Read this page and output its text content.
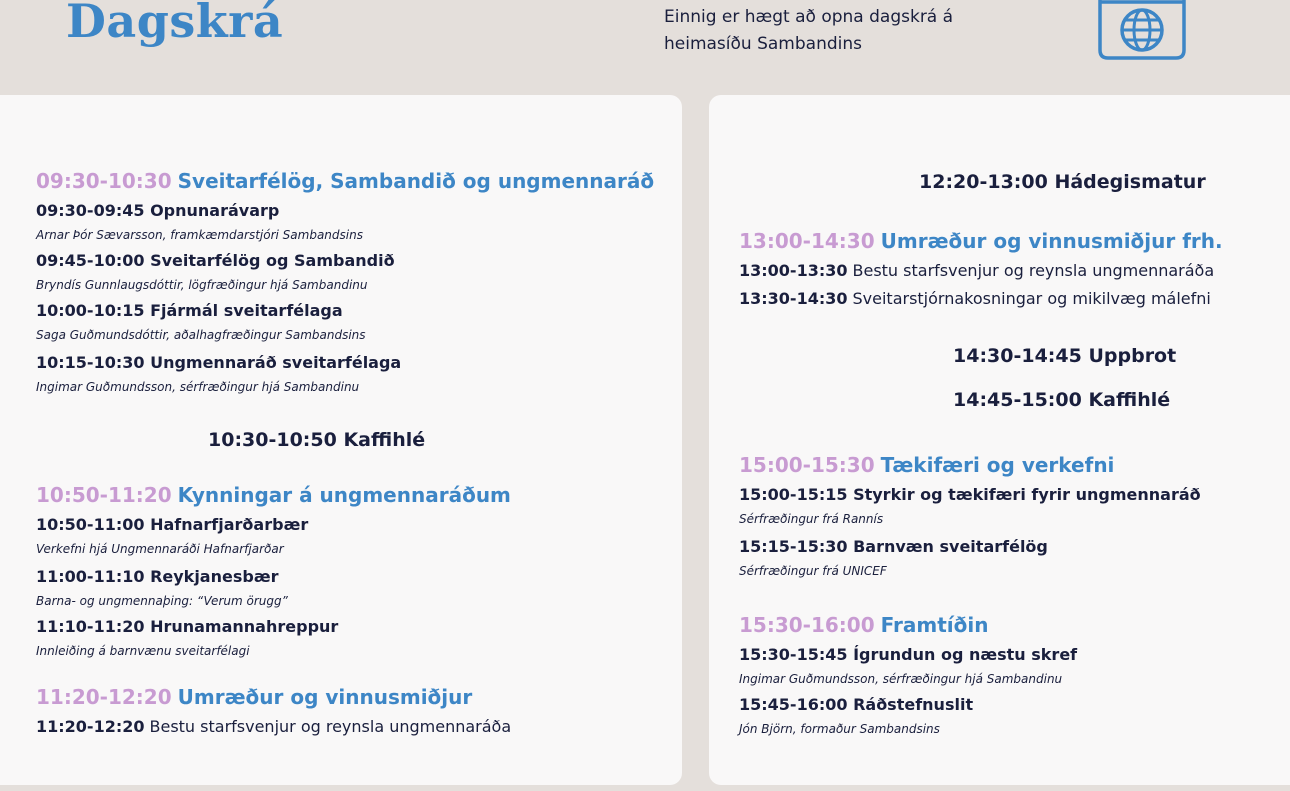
Dagskrá	Einnig er hægt að opna dagskrá á
heimasíðu Sambandins
09:30-10:30 Sveitarfélög, Sambandið og ungmennaráð
09:30-09:45 Opnunarávarp
Arnar Þór Sævarsson, framkæmdarstjóri Sambandsins
09:45-10:00 Sveitarfélög og Sambandið
Bryndís Gunnlaugsdóttir, lögfræðingur hjá Sambandinu
10:00-10:15 Fjármál sveitarfélaga
Saga Guðmundsdóttir, aðalhagfræðingur Sambandsins
10:15-10:30 Ungmennaráð sveitarfélaga
Ingimar Guðmundsson, sérfræðingur hjá Sambandinu
10:30-10:50 Kaffihlé
10:50-11:20 Kynningar á ungmennaráðum
10:50-11:00 Hafnarfjarðarbær
Verkefni hjá Ungmennaráði Hafnarfjarðar
11:00-11:10 Reykjanesbær
Barna- og ungmennaþing: “Verum örugg”
11:10-11:20 Hrunamannahreppur
Innleiðing á barnvænu sveitarfélagi
11:20-12:20 Umræður og vinnusmiðjur
11:20-12:20 Bestu starfsvenjur og reynsla ungmennaráða
12:20-13:00 Hádegismatur
13:00-14:30 Umræður og vinnusmiðjur frh.
13:00-13:30 Bestu starfsvenjur og reynsla ungmennaráða
13:30-14:30 Sveitarstjórnakosningar og mikilvæg málefni
14:30-14:45 Uppbrot
14:45-15:00 Kaffihlé
15:00-15:30 Tækifæri og verkefni
15:00-15:15 Styrkir og tækifæri fyrir ungmennaráð
Sérfræðingur frá Rannís
15:15-15:30 Barnvæn sveitarfélög
Sérfræðingur frá UNICEF
15:30-16:00 Framtíðin
15:30-15:45 Ígrundun og næstu skref
Ingimar Guðmundsson, sérfræðingur hjá Sambandinu
15:45-16:00 Ráðstefnuslit
Jón Björn, formaður Sambandsins
